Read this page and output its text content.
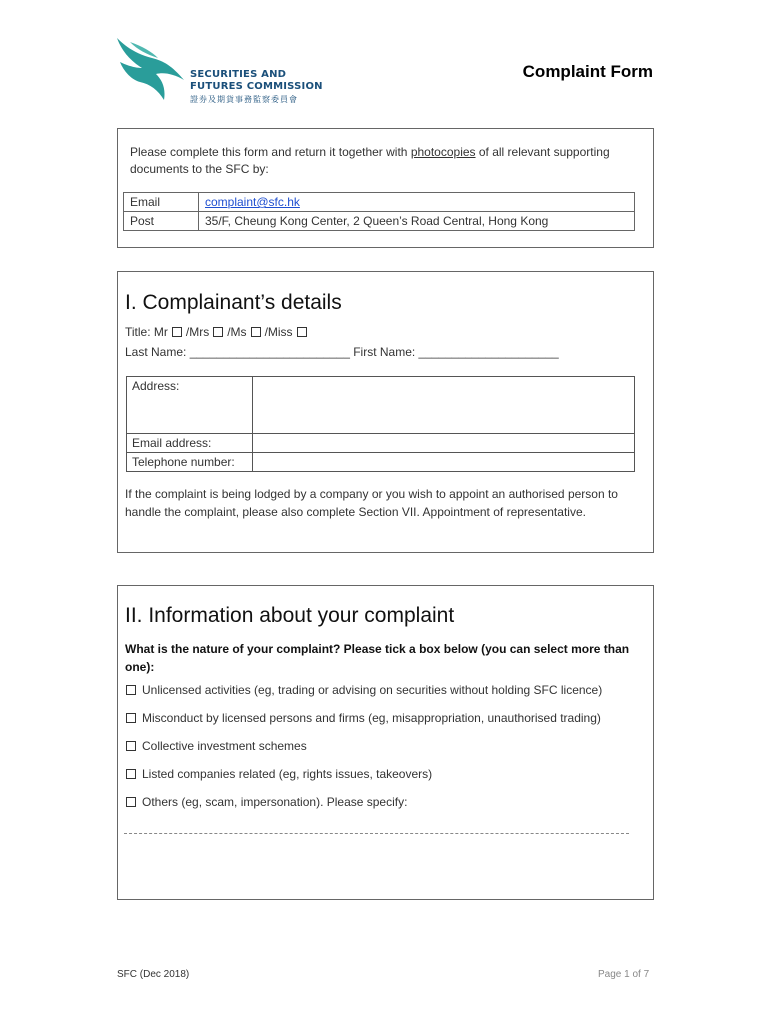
SECURITIES AND
FUTURES COMMISSION
證券及期貨事務監察委員會
Complaint Form
Please complete this form and return it together with photocopies of all relevant supporting documents to the SFC by:
Email	complaint@sfc.hk
Post	35/F, Cheung Kong Center, 2 Queen’s Road Central, Hong Kong
I. Complainant’s details
Title: Mr /Mrs /Ms /Miss
Last Name: ________________________ First Name: _____________________
Address:	
Email address:	
Telephone number:	
If the complaint is being lodged by a company or you wish to appoint an authorised person to handle the complaint, please also complete Section VII. Appointment of representative.
II. Information about your complaint
What is the nature of your complaint? Please tick a box below (you can select more than one):
Unlicensed activities (eg, trading or advising on securities without holding SFC licence)
Misconduct by licensed persons and firms (eg, misappropriation, unauthorised trading)
Collective investment schemes
Listed companies related (eg, rights issues, takeovers)
Others (eg, scam, impersonation). Please specify:
SFC (Dec 2018)	Page 1 of 7
